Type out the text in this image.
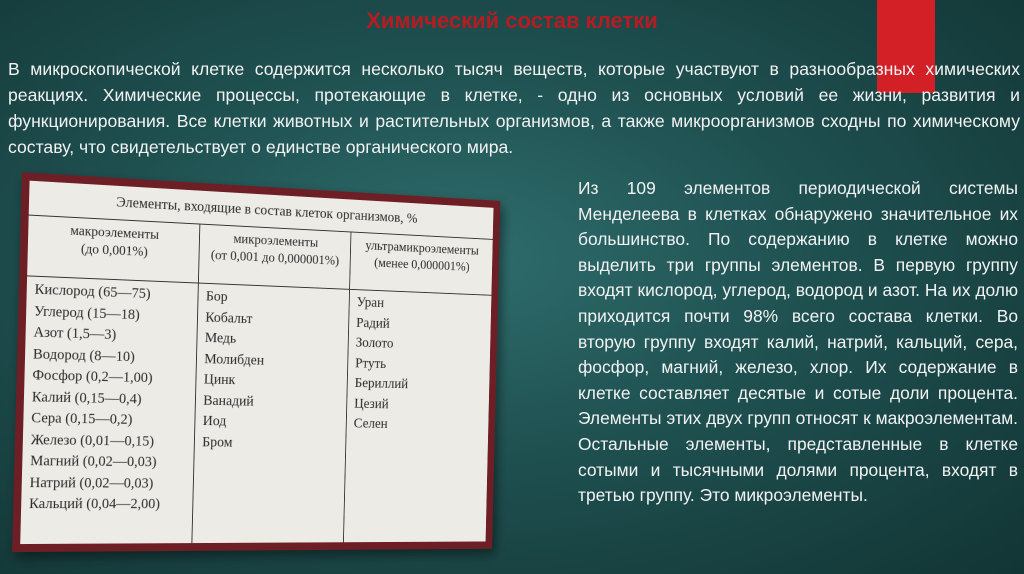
Химический состав клетки
В микроскопической клетке содержится несколько тысяч веществ, которые участвуют в разнообразных химических реакциях. Химические процессы, протекающие в клетке, - одно из основных условий ее жизни, развития и функционирования. Все клетки животных и растительных организмов, а также микроорганизмов сходны по химическому составу, что свидетельствует о единстве органического мира.
Элементы, входящие в состав клеток организмов, %
макроэлементы
(до 0,001%)
микроэлементы
(от 0,001 до 0,000001%)	ультрамикроэлементы
(менее 0,000001%)
Кислород (65—75)
Углерод (15—18)
Азот (1,5—3)
Водород (8—10)
Фосфор (0,2—1,00)
Калий (0,15—0,4)
Сера (0,15—0,2)
Железо (0,01—0,15)
Магний (0,02—0,03)
Натрий (0,02—0,03)
Кальций (0,04—2,00)
Бор
Кобальт
Медь
Молибден
Цинк
Ванадий
Иод
Бром
Уран
Радий
Золото
Ртуть
Бериллий
Цезий
Селен
Из 109 элементов периодической системы Менделеева в клетках обнаружено значительное их большинство. По содержанию в клетке можно выделить три группы элементов. В первую группу входят кислород, углерод, водород и азот. На их долю приходится почти 98% всего состава клетки. Во вторую группу входят калий, натрий, кальций, сера, фосфор, магний, железо, хлор. Их содержание в клетке составляет десятые и сотые доли процента. Элементы этих двух групп относят к макроэлементам. Остальные элементы, представленные в клетке сотыми и тысячными долями процента, входят в третью группу. Это микроэлементы.
